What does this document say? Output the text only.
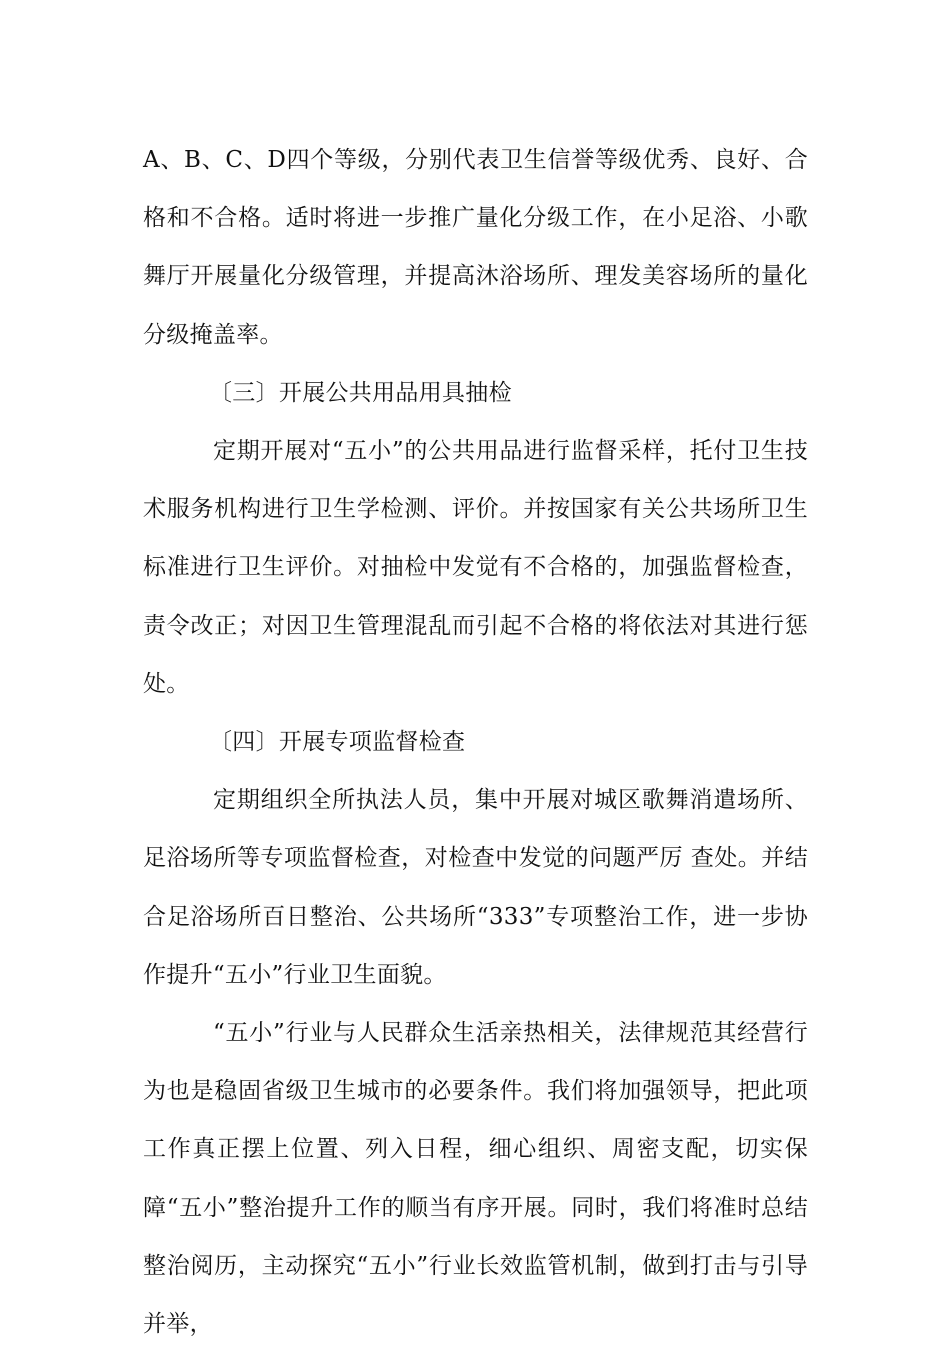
A、B、C、D四个等级，分别代表卫生信誉等级优秀、良好、合格和不合格。适时将进一步推广量化分级工作，在小足浴、小歌舞厅开展量化分级管理，并提高沐浴场所、理发美容场所的量化分级掩盖率。

〔三〕开展公共用品用具抽检

定期开展对“五小”的公共用品进行监督采样，托付卫生技术服务机构进行卫生学检测、评价。并按国家有关公共场所卫生标准进行卫生评价。对抽检中发觉有不合格的，加强监督检查，责令改正；对因卫生管理混乱而引起不合格的将依法对其进行惩处。

〔四〕开展专项监督检查

定期组织全所执法人员，集中开展对城区歌舞消遣场所、足浴场所等专项监督检查，对检查中发觉的问题严厉 查处。并结合足浴场所百日整治、公共场所“333”专项整治工作，进一步协作提升“五小”行业卫生面貌。

“五小”行业与人民群众生活亲热相关，法律规范其经营行为也是稳固省级卫生城市的必要条件。我们将加强领导，把此项工作真正摆上位置、列入日程，细心组织、周密支配，切实保障“五小”整治提升工作的顺当有序开展。同时，我们将准时总结整治阅历，主动探究“五小”行业长效监管机制，做到打击与引导并举，
